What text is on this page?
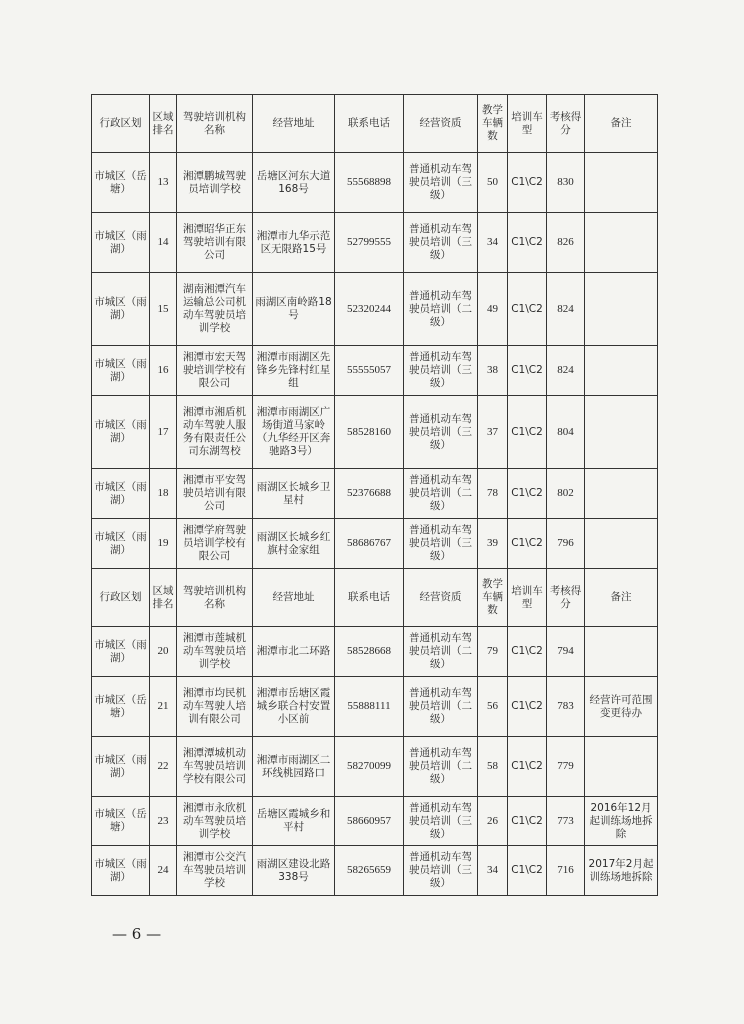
行政区划	区域排名	驾驶培训机构名称	经营地址	联系电话	经营资质	教学车辆数	培训车型	考核得分	备注
市城区（岳塘）	13	湘潭鹏城驾驶员培训学校	岳塘区河东大道168号	55568898	普通机动车驾驶员培训（三级）	50	C1\C2	830	
市城区（雨湖）	14	湘潭昭华正东驾驶培训有限公司	湘潭市九华示范区无限路15号	52799555	普通机动车驾驶员培训（三级）	34	C1\C2	826	
市城区（雨湖）	15	湖南湘潭汽车运输总公司机动车驾驶员培训学校	雨湖区南岭路18号	52320244	普通机动车驾驶员培训（二级）	49	C1\C2	824	
市城区（雨湖）	16	湘潭市宏天驾驶培训学校有限公司	湘潭市雨湖区先锋乡先锋村红星组	55555057	普通机动车驾驶员培训（三级）	38	C1\C2	824	
市城区（雨湖）	17	湘潭市湘盾机动车驾驶人服务有限责任公司东湖驾校	湘潭市雨湖区广场街道马家岭（九华经开区奔驰路3号）	58528160	普通机动车驾驶员培训（三级）	37	C1\C2	804	
市城区（雨湖）	18	湘潭市平安驾驶员培训有限公司	雨湖区长城乡卫星村	52376688	普通机动车驾驶员培训（二级）	78	C1\C2	802	
市城区（雨湖）	19	湘潭学府驾驶员培训学校有限公司	雨湖区长城乡红旗村金家组	58686767	普通机动车驾驶员培训（三级）	39	C1\C2	796	
行政区划	区域排名	驾驶培训机构名称	经营地址	联系电话	经营资质	教学车辆数	培训车型	考核得分	备注
市城区（雨湖）	20	湘潭市莲城机动车驾驶员培训学校	湘潭市北二环路	58528668	普通机动车驾驶员培训（二级）	79	C1\C2	794	
市城区（岳塘）	21	湘潭市均民机动车驾驶人培训有限公司	湘潭市岳塘区霞城乡联合村安置小区前	55888111	普通机动车驾驶员培训（二级）	56	C1\C2	783	经营许可范围变更待办
市城区（雨湖）	22	湘潭潭城机动车驾驶员培训学校有限公司	湘潭市雨湖区二环线桃园路口	58270099	普通机动车驾驶员培训（二级）	58	C1\C2	779	
市城区（岳塘）	23	湘潭市永欣机动车驾驶员培训学校	岳塘区霞城乡和平村	58660957	普通机动车驾驶员培训（三级）	26	C1\C2	773	2016年12月起训练场地拆除
市城区（雨湖）	24	湘潭市公交汽车驾驶员培训学校	雨湖区建设北路338号	58265659	普通机动车驾驶员培训（三级）	34	C1\C2	716	2017年2月起训练场地拆除
— 6 —
